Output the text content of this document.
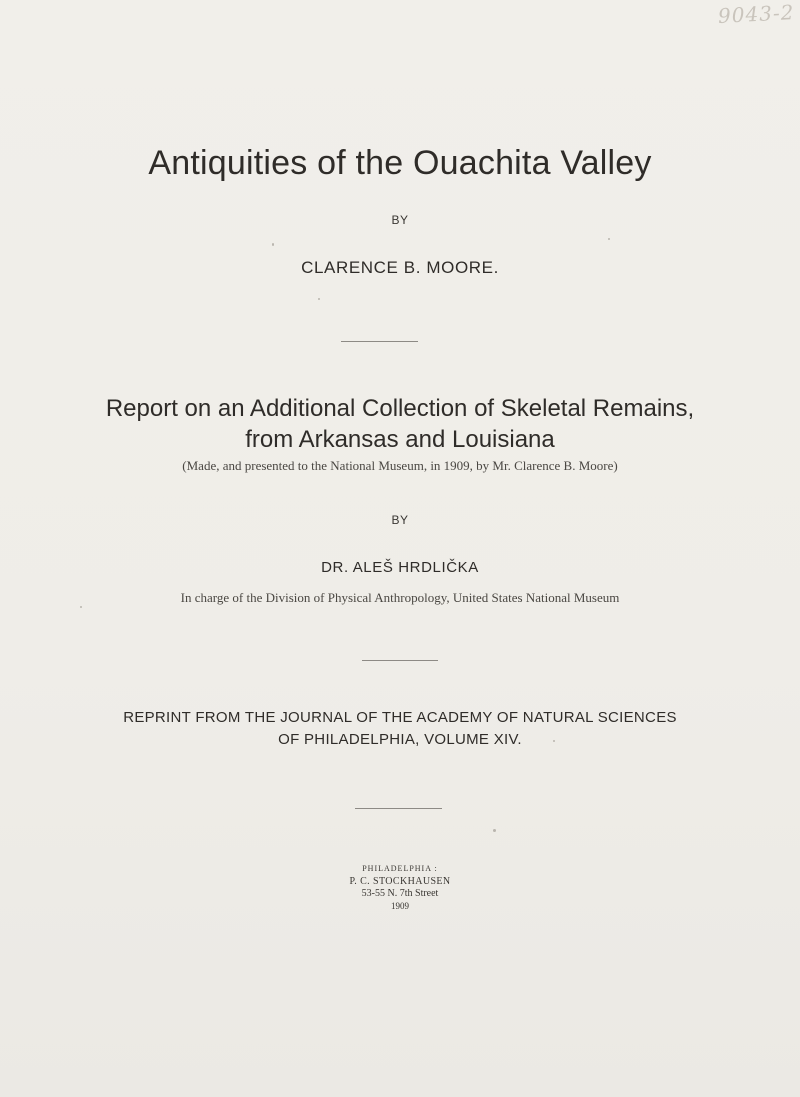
9043-2
Antiquities of the Ouachita Valley
BY
CLARENCE B. MOORE.
Report on an Additional Collection of Skeletal Remains,
from Arkansas and Louisiana
(Made, and presented to the National Museum, in 1909, by Mr. Clarence B. Moore)
BY
DR. ALEŠ HRDLIČKA
In charge of the Division of Physical Anthropology, United States National Museum
REPRINT FROM THE JOURNAL OF THE ACADEMY OF NATURAL SCIENCES
OF PHILADELPHIA, VOLUME XIV.
PHILADELPHIA :
P. C. STOCKHAUSEN
53-55 N. 7th Street
1909
